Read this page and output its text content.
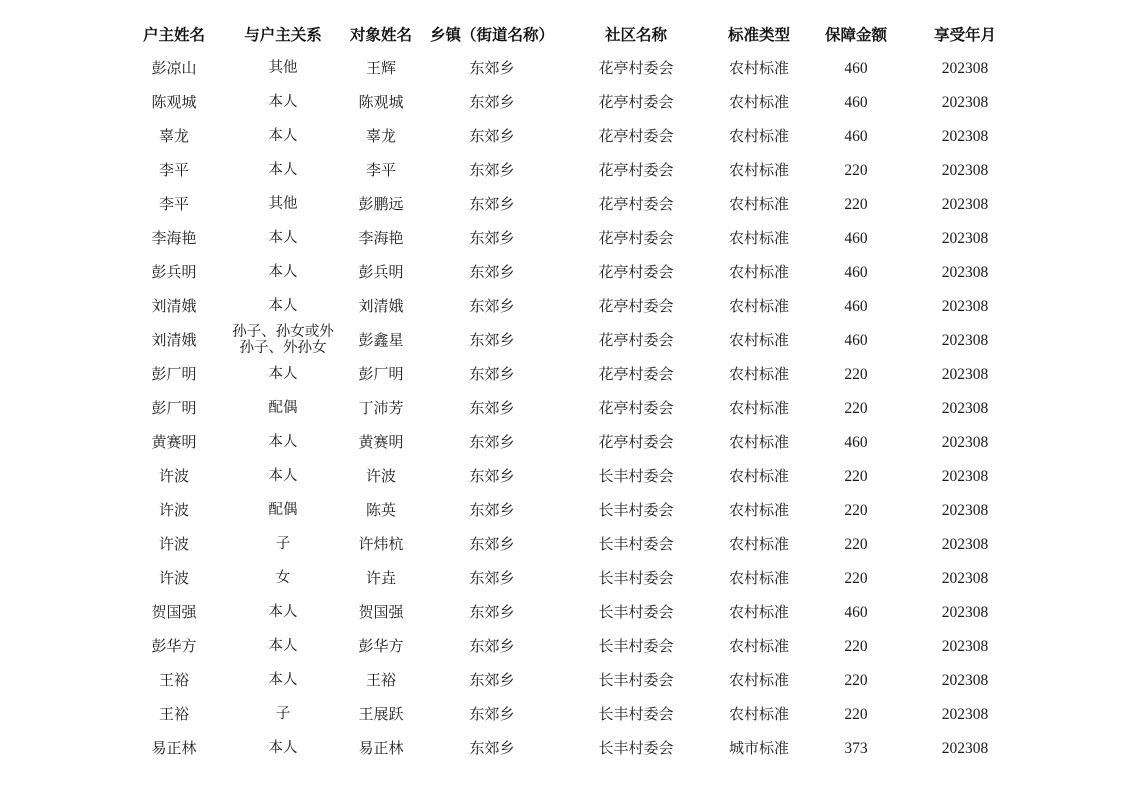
户主姓名	与户主关系	对象姓名	乡镇（街道名称）	社区名称	标准类型	保障金额	享受年月
彭凉山	其他	王辉	东郊乡	花亭村委会	农村标准	460	202308
陈观城	本人	陈观城	东郊乡	花亭村委会	农村标准	460	202308
辜龙	本人	辜龙	东郊乡	花亭村委会	农村标准	460	202308
李平	本人	李平	东郊乡	花亭村委会	农村标准	220	202308
李平	其他	彭鹏远	东郊乡	花亭村委会	农村标准	220	202308
李海艳	本人	李海艳	东郊乡	花亭村委会	农村标准	460	202308
彭兵明	本人	彭兵明	东郊乡	花亭村委会	农村标准	460	202308
刘清娥	本人	刘清娥	东郊乡	花亭村委会	农村标准	460	202308
刘清娥	孙子、孙女或外孙子、外孙女	彭鑫星	东郊乡	花亭村委会	农村标准	460	202308
彭厂明	本人	彭厂明	东郊乡	花亭村委会	农村标准	220	202308
彭厂明	配偶	丁沛芳	东郊乡	花亭村委会	农村标准	220	202308
黄赛明	本人	黄赛明	东郊乡	花亭村委会	农村标准	460	202308
许波	本人	许波	东郊乡	长丰村委会	农村标准	220	202308
许波	配偶	陈英	东郊乡	长丰村委会	农村标准	220	202308
许波	子	许炜杭	东郊乡	长丰村委会	农村标准	220	202308
许波	女	许垚	东郊乡	长丰村委会	农村标准	220	202308
贺国强	本人	贺国强	东郊乡	长丰村委会	农村标准	460	202308
彭华方	本人	彭华方	东郊乡	长丰村委会	农村标准	220	202308
王裕	本人	王裕	东郊乡	长丰村委会	农村标准	220	202308
王裕	子	王展跃	东郊乡	长丰村委会	农村标准	220	202308
易正林	本人	易正林	东郊乡	长丰村委会	城市标准	373	202308
